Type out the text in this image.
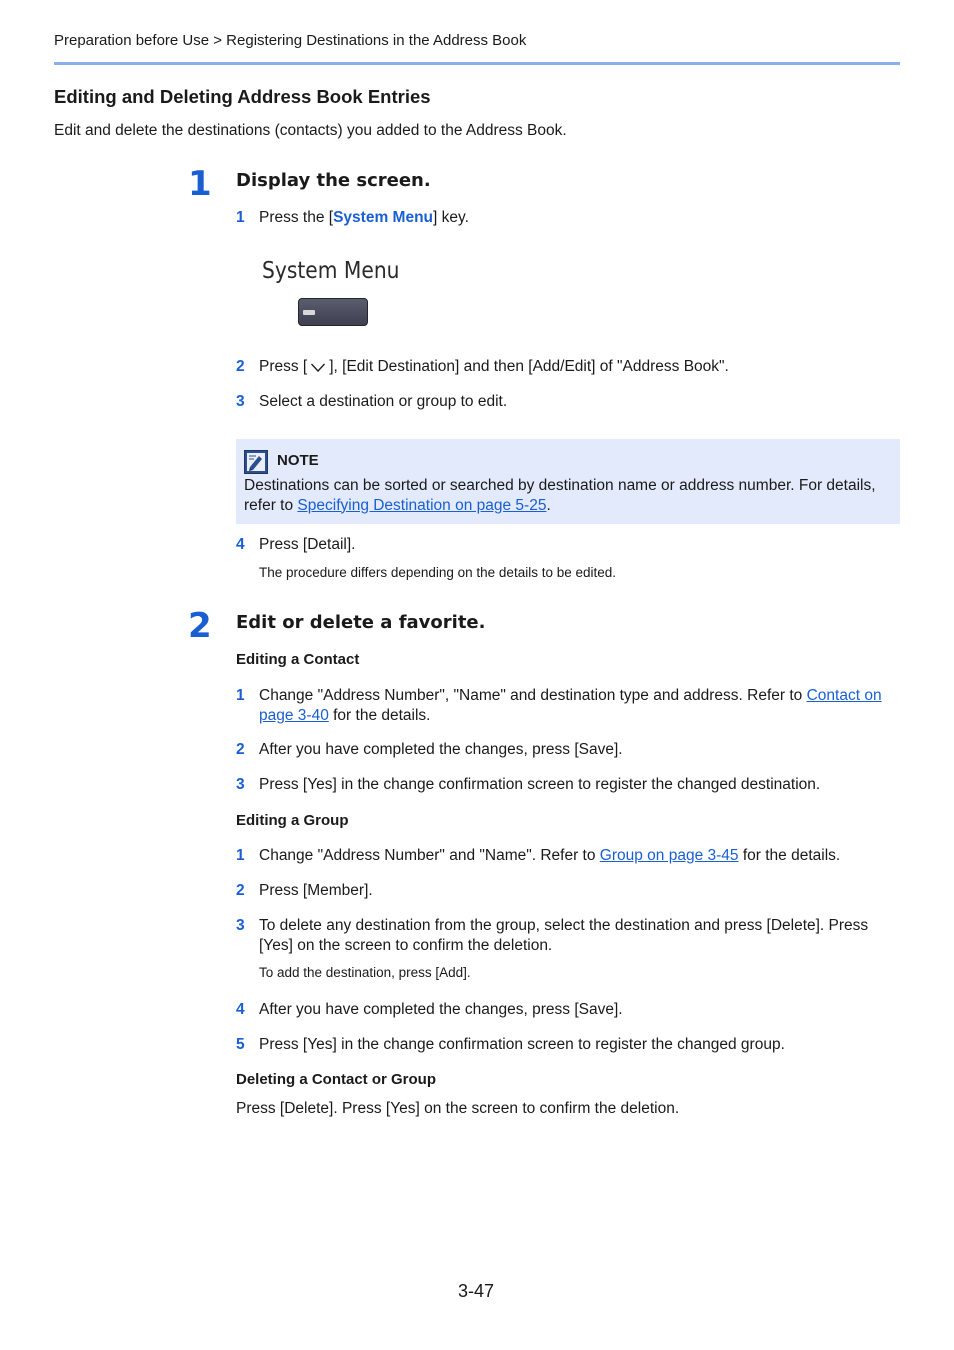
Preparation before Use > Registering Destinations in the Address Book
Editing and Deleting Address Book Entries
Edit and delete the destinations (contacts) you added to the Address Book.
1 Display the screen.
1 Press the [System Menu] key.
System Menu
2 Press [ ], [Edit Destination] and then [Add/Edit] of "Address Book".
3 Select a destination or group to edit.
NOTE
Destinations can be sorted or searched by destination name or address number. For details, refer to Specifying Destination on page 5-25.
4 Press [Detail].
The procedure differs depending on the details to be edited.
2 Edit or delete a favorite.
Editing a Contact
1 Change "Address Number", "Name" and destination type and address. Refer to Contact on page 3-40 for the details.
2 After you have completed the changes, press [Save].
3 Press [Yes] in the change confirmation screen to register the changed destination.
Editing a Group
1 Change "Address Number" and "Name". Refer to Group on page 3-45 for the details.
2 Press [Member].
3 To delete any destination from the group, select the destination and press [Delete]. Press [Yes] on the screen to confirm the deletion.
To add the destination, press [Add].
4 After you have completed the changes, press [Save].
5 Press [Yes] in the change confirmation screen to register the changed group.
Deleting a Contact or Group
Press [Delete]. Press [Yes] on the screen to confirm the deletion.
3-47
